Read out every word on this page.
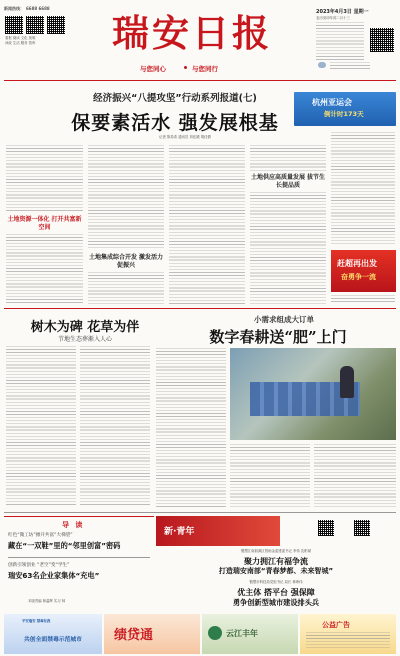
新闻热线： 6688 6688
看报 阅读 文化 视频
问政 生活 服务 智库 瑞安日报
与您同心	与您同行
2023年4月3日 星期一
农历癸卯年闰二月十三
经济振兴“八提攻坚”行动系列报道(七)
保要素活水 强发展根基
记者 陈希希 通讯员 刘佳媛 胡佳倩
杭州亚运会
倒计时173天
土地资源一体化 打开共富新空间
土地集成综合开发 激发活力促振兴
土地供应高质量发展 拔节生长提品质
赶超再出发
奋勇争一流
树木为碑 花草为伴
节地生态葬渐入人心
小需求组成大订单
数字春耕送“肥”上门
导 读
红色“微工坊”掀开共富“大梯望”
藏在“一双鞋”里的“邻里创富”密码
创新引领创业 “老空”变“学生”
瑞安63名企业家集体“充电”
本版责编 林温辉 实习 林
新·青年
锻塑江南韵源区管助金委建委书记 李伟 沈彬斌
聚力拥江有福争流
打造瑞安南部“青春梦都、未来智城”
锻塑市科技局党组书记 局长 林珍伟
优主体 搭平台 强保障
勇争创新型城市建设排头兵
平安瑞安 禁毒有我
共创全面禁毒示范城市	绩贷通	云江丰年
公益广告
